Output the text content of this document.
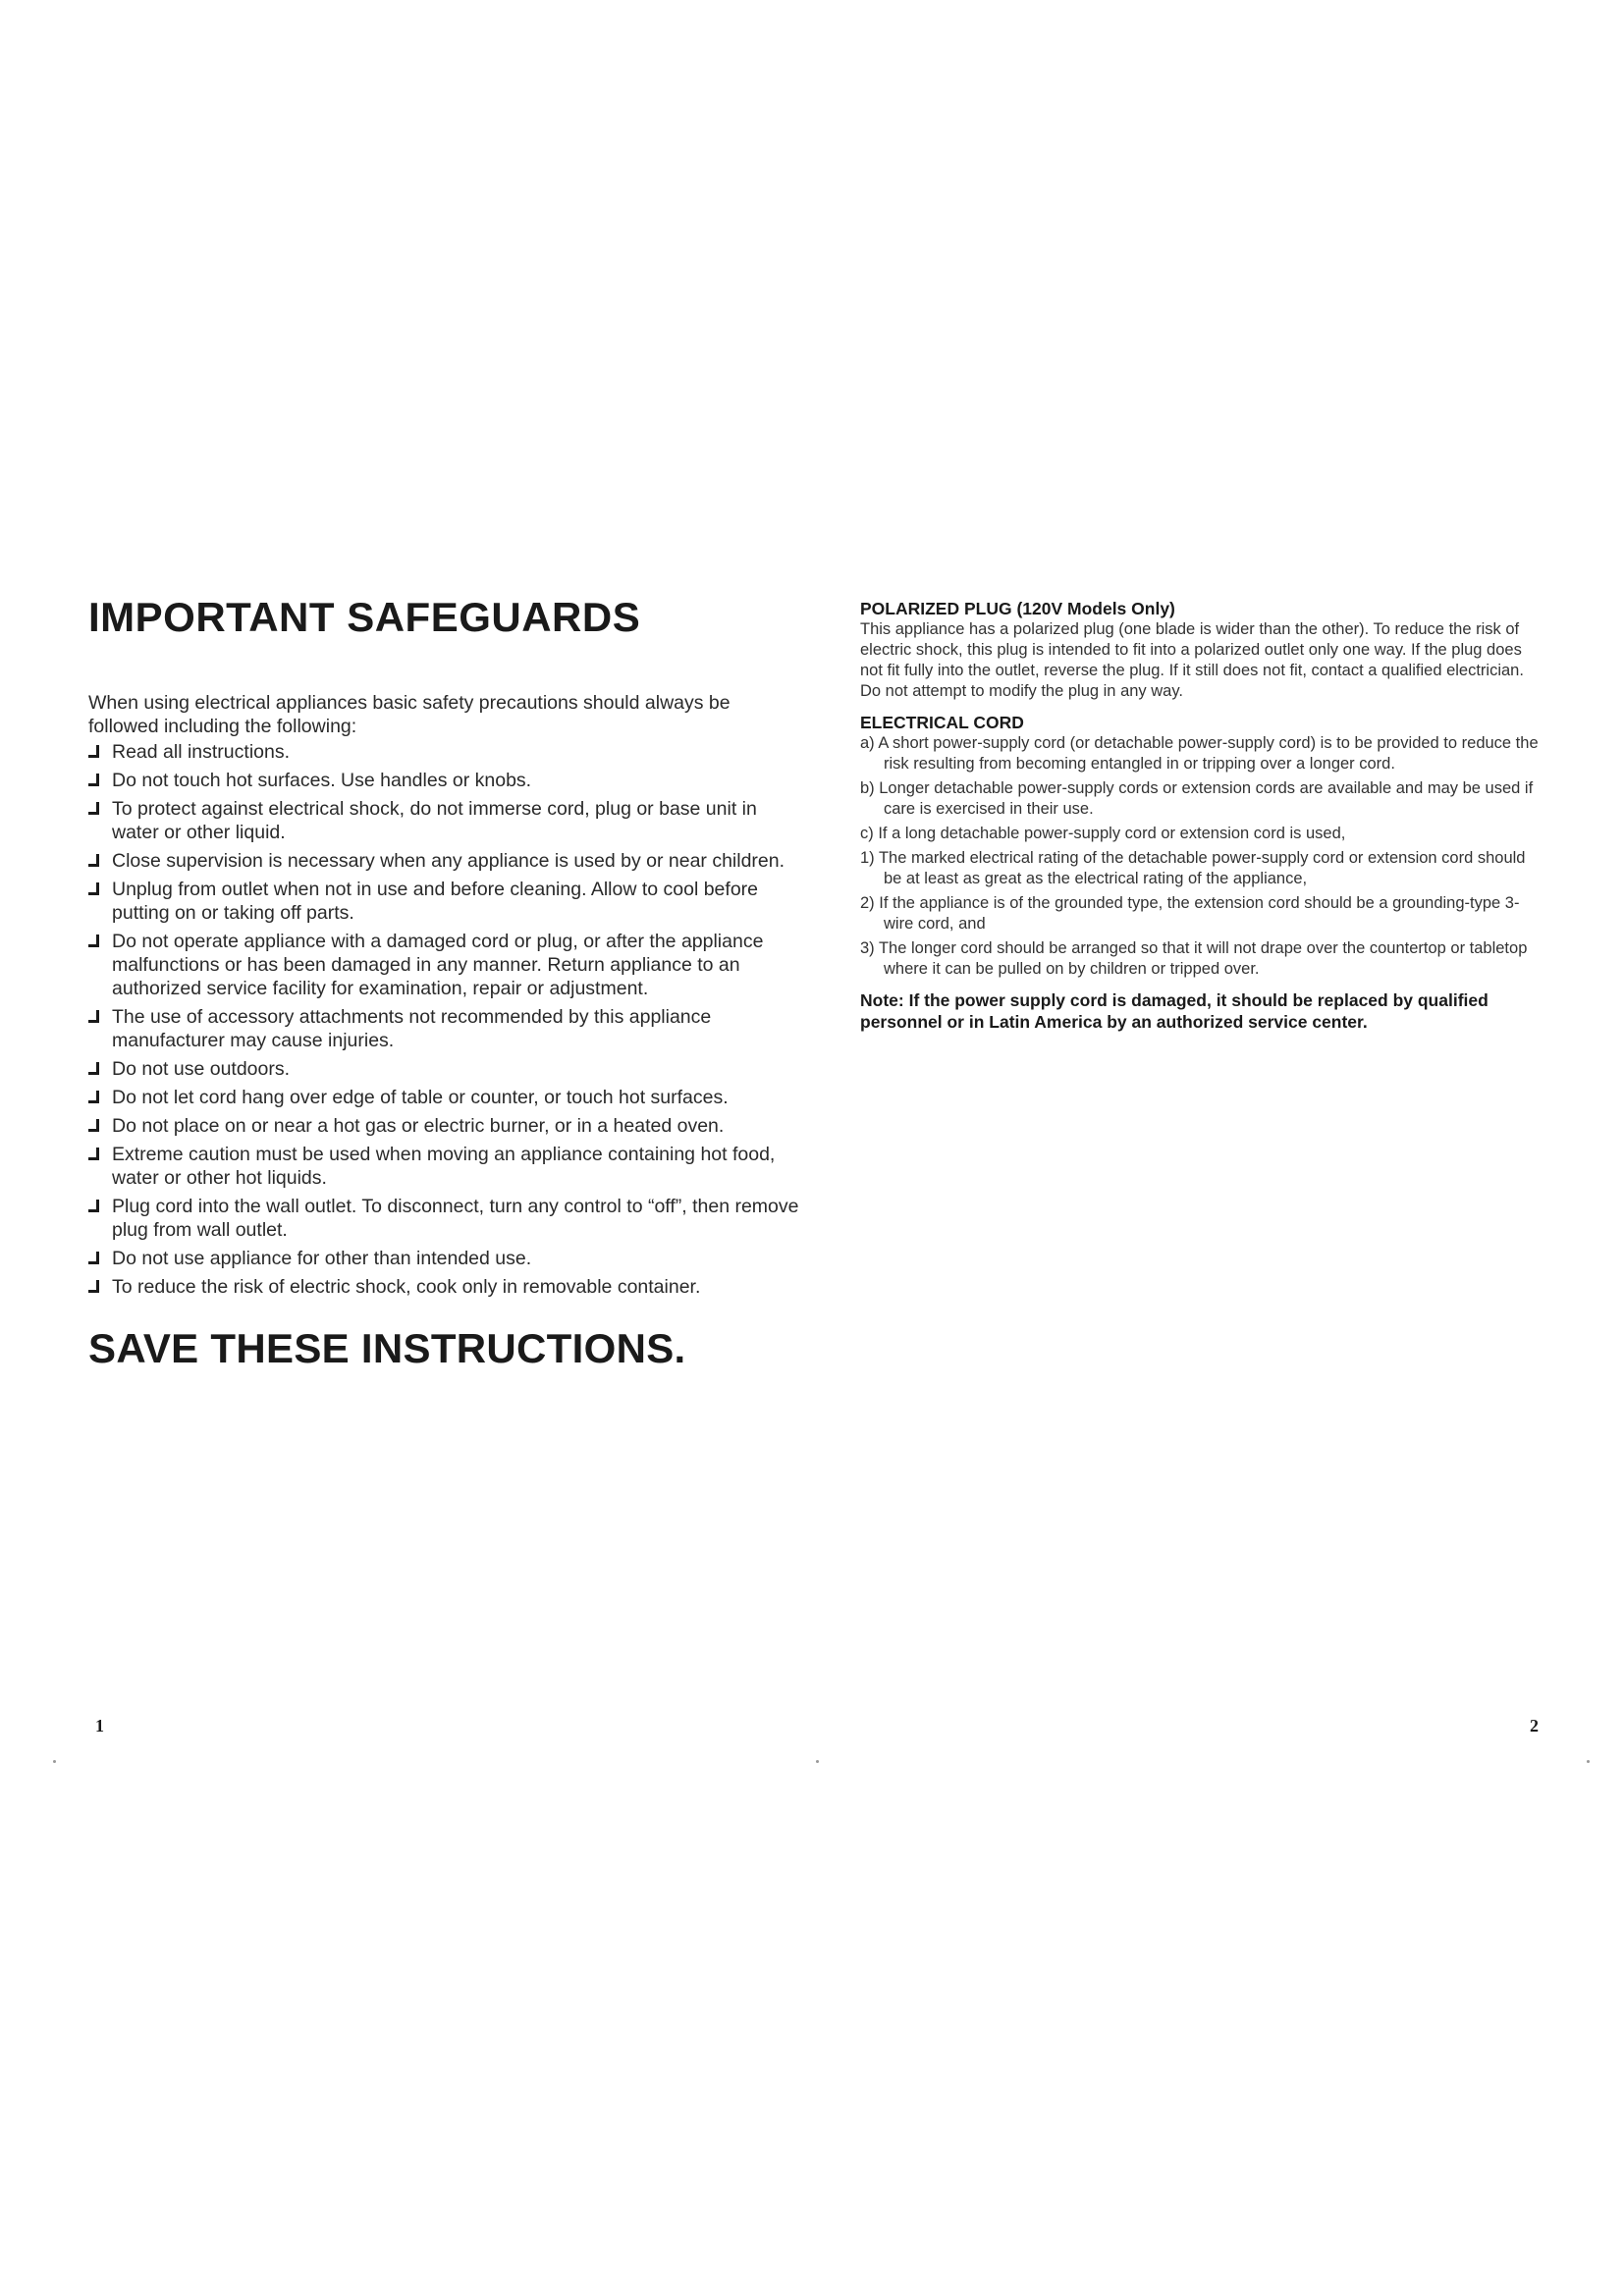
IMPORTANT SAFEGUARDS

When using electrical appliances basic safety precautions should always be followed including the following:

Read all instructions.
Do not touch hot surfaces. Use handles or knobs.
To protect against electrical shock, do not immerse cord, plug or base unit in water or other liquid.
Close supervision is necessary when any appliance is used by or near children.
Unplug from outlet when not in use and before cleaning. Allow to cool before putting on or taking off parts.
Do not operate appliance with a damaged cord or plug, or after the appliance malfunctions or has been damaged in any manner. Return appliance to an authorized service facility for examination, repair or adjustment.
The use of accessory attachments not recommended by this appliance manufacturer may cause injuries.
Do not use outdoors.
Do not let cord hang over edge of table or counter, or touch hot surfaces.
Do not place on or near a hot gas or electric burner, or in a heated oven.
Extreme caution must be used when moving an appliance containing hot food, water or other hot liquids.
Plug cord into the wall outlet. To disconnect, turn any control to “off”, then remove plug from wall outlet.
Do not use appliance for other than intended use.
To reduce the risk of electric shock, cook only in removable container.
SAVE THESE INSTRUCTIONS.
POLARIZED PLUG (120V Models Only)

This appliance has a polarized plug (one blade is wider than the other). To reduce the risk of electric shock, this plug is intended to fit into a polarized outlet only one way. If the plug does not fit fully into the outlet, reverse the plug. If it still does not fit, contact a qualified electrician. Do not attempt to modify the plug in any way.

ELECTRICAL CORD
a) A short power-supply cord (or detachable power-supply cord) is to be provided to reduce the risk resulting from becoming entangled in or tripping over a longer cord.
b) Longer detachable power-supply cords or extension cords are available and may be used if care is exercised in their use.
c) If a long detachable power-supply cord or extension cord is used,
1) The marked electrical rating of the detachable power-supply cord or extension cord should be at least as great as the electrical rating of the appliance,
2) If the appliance is of the grounded type, the extension cord should be a grounding-type 3-wire cord, and
3) The longer cord should be arranged so that it will not drape over the countertop or tabletop where it can be pulled on by children or tripped over.

Note: If the power supply cord is damaged, it should be replaced by qualified personnel or in Latin America by an authorized service center.

1	2
